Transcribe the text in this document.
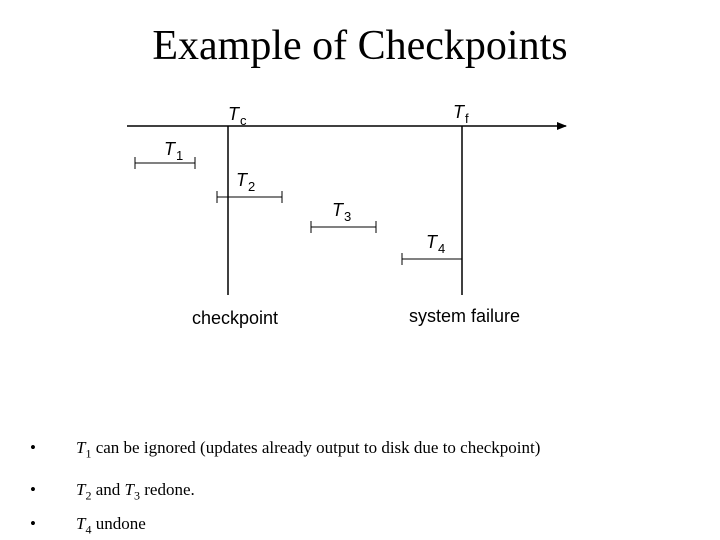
Example of Checkpoints
$T_c$	$T_f$
$T_1$
$T_2$
$T_3$
$T_4$
checkpoint	system failure
•	$T_1$ can be ignored (updates already output to disk due to checkpoint)
•	$T_2$ and $T_3$ redone.
•	$T_4$ undone
